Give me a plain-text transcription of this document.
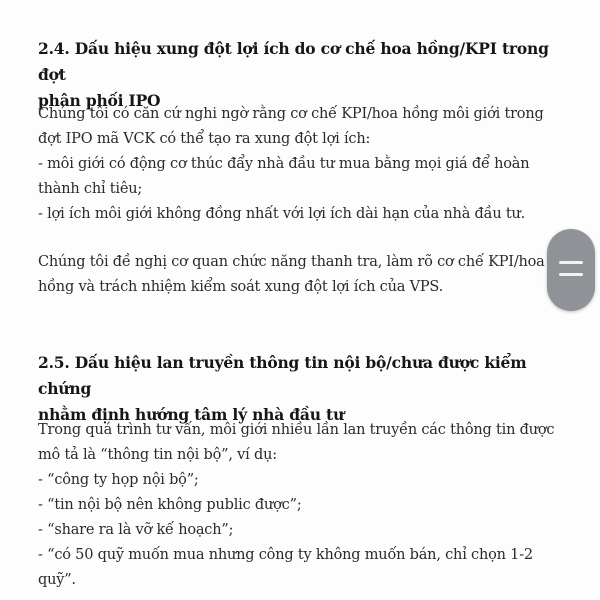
2.4. Dấu hiệu xung đột lợi ích do cơ chế hoa hồng/KPI trong đợt
phân phối IPO
Chúng tôi có căn cứ nghi ngờ rằng cơ chế KPI/hoa hồng môi giới trong
đợt IPO mã VCK có thể tạo ra xung đột lợi ích:
- môi giới có động cơ thúc đẩy nhà đầu tư mua bằng mọi giá để hoàn
thành chỉ tiêu;
- lợi ích môi giới không đồng nhất với lợi ích dài hạn của nhà đầu tư.
Chúng tôi đề nghị cơ quan chức năng thanh tra, làm rõ cơ chế KPI/hoa
hồng và trách nhiệm kiểm soát xung đột lợi ích của VPS.
2.5. Dấu hiệu lan truyền thông tin nội bộ/chưa được kiểm chứng
nhằm định hướng tâm lý nhà đầu tư
Trong quá trình tư vấn, môi giới nhiều lần lan truyền các thông tin được
mô tả là “thông tin nội bộ”, ví dụ:
- “công ty họp nội bộ”;
- “tin nội bộ nên không public được”;
- “share ra là vỡ kế hoạch”;
- “có 50 quỹ muốn mua nhưng công ty không muốn bán, chỉ chọn 1-2
quỹ”.
